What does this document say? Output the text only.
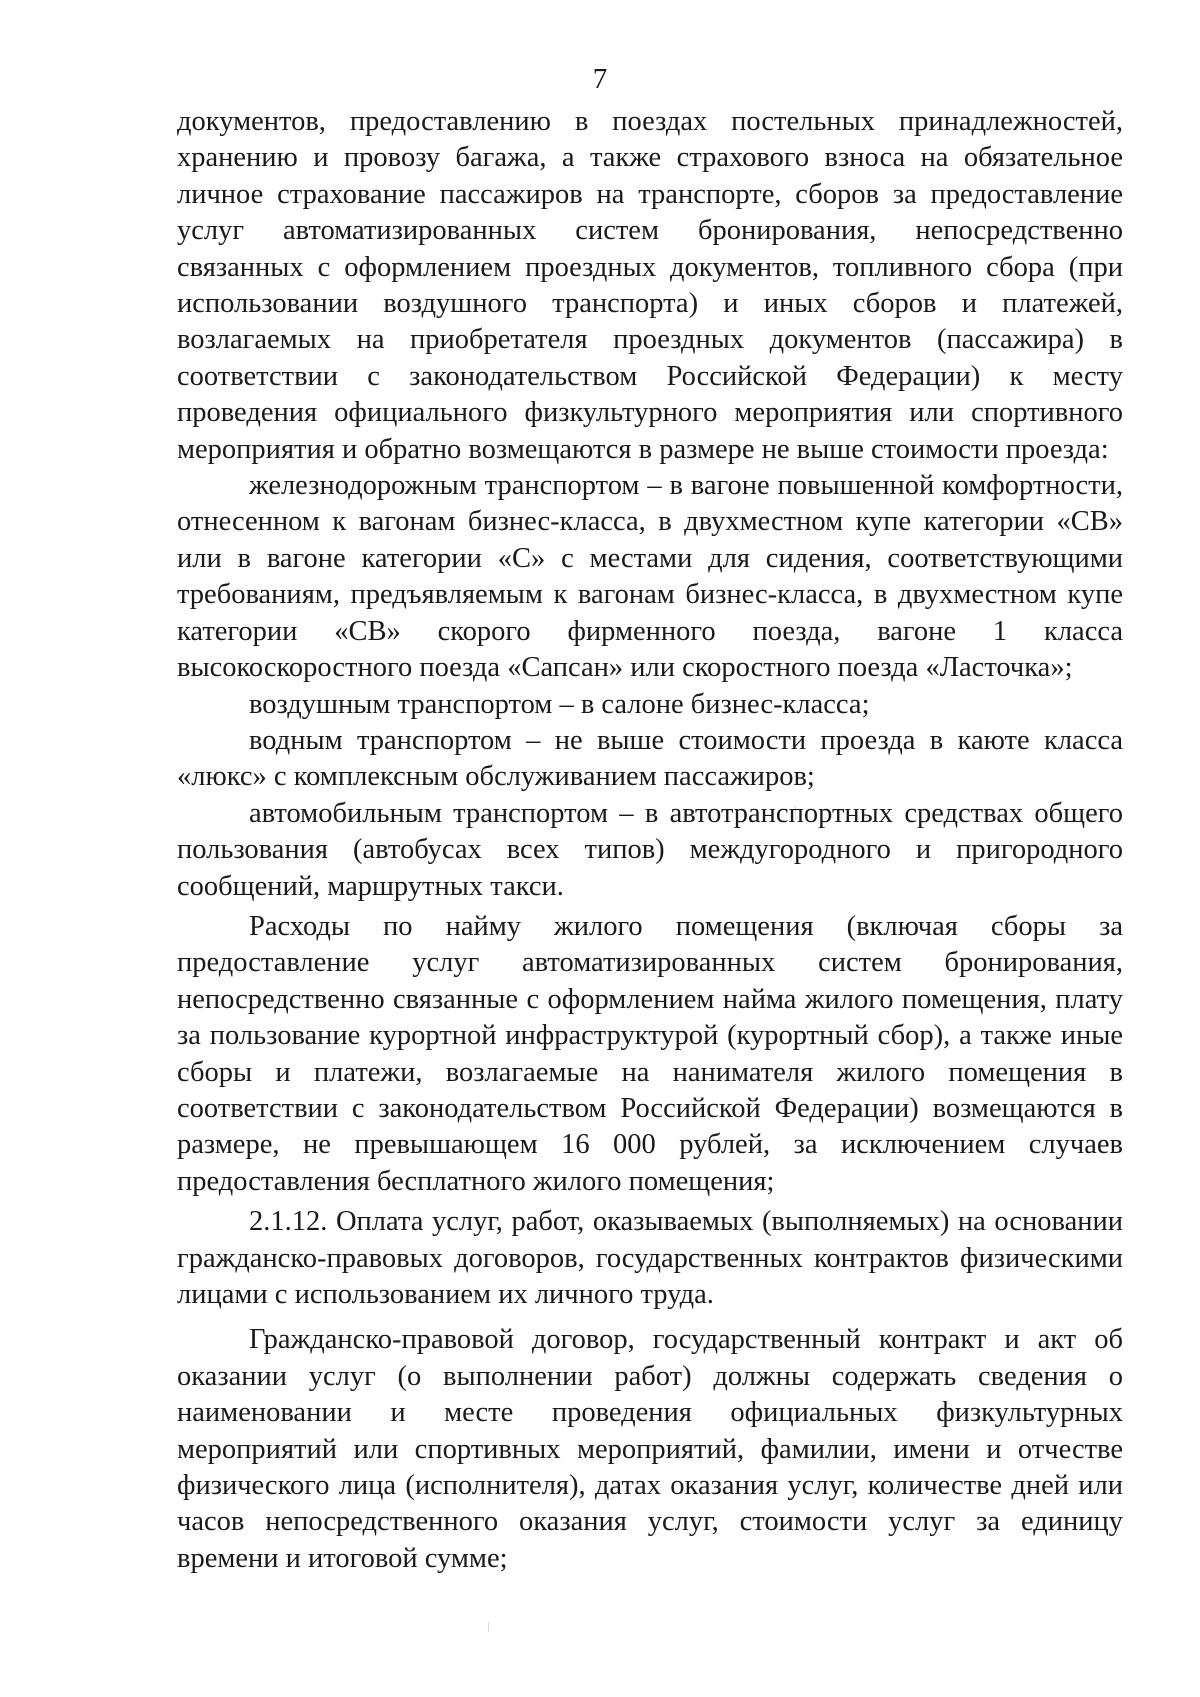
7

документов, предоставлению в поездах постельных принадлежностей, хранению и провозу багажа, а также страхового взноса на обязательное личное страхование пассажиров на транспорте, сборов за предоставление услуг автоматизированных систем бронирования, непосредственно связанных с оформлением проездных документов, топливного сбора (при использовании воздушного транспорта) и иных сборов и платежей, возлагаемых на приобретателя проездных документов (пассажира) в соответствии с законодательством Российской Федерации) к месту проведения официального физкультурного мероприятия или спортивного мероприятия и обратно возмещаются в размере не выше стоимости проезда:

железнодорожным транспортом – в вагоне повышенной комфортности, отнесенном к вагонам бизнес-класса, в двухместном купе категории «СВ» или в вагоне категории «С» с местами для сидения, соответствующими требованиям, предъявляемым к вагонам бизнес-класса, в двухместном купе категории «СВ» скорого фирменного поезда, вагоне 1 класса высокоскоростного поезда «Сапсан» или скоростного поезда «Ласточка»;

воздушным транспортом – в салоне бизнес-класса;

водным транспортом – не выше стоимости проезда в каюте класса «люкс» с комплексным обслуживанием пассажиров;

автомобильным транспортом – в автотранспортных средствах общего пользования (автобусах всех типов) междугородного и пригородного сообщений, маршрутных такси.

Расходы по найму жилого помещения (включая сборы за предоставление услуг автоматизированных систем бронирования, непосредственно связанные с оформлением найма жилого помещения, плату за пользование курортной инфраструктурой (курортный сбор), а также иные сборы и платежи, возлагаемые на нанимателя жилого помещения в соответствии с законодательством Российской Федерации) возмещаются в размере, не превышающем 16 000 рублей, за исключением случаев предоставления бесплатного жилого помещения;

2.1.12. Оплата услуг, работ, оказываемых (выполняемых) на основании гражданско-правовых договоров, государственных контрактов физическими лицами с использованием их личного труда.

Гражданско-правовой договор, государственный контракт и акт об оказании услуг (о выполнении работ) должны содержать сведения о наименовании и месте проведения официальных физкультурных мероприятий или спортивных мероприятий, фамилии, имени и отчестве физического лица (исполнителя), датах оказания услуг, количестве дней или часов непосредственного оказания услуг, стоимости услуг за единицу времени и итоговой сумме;
